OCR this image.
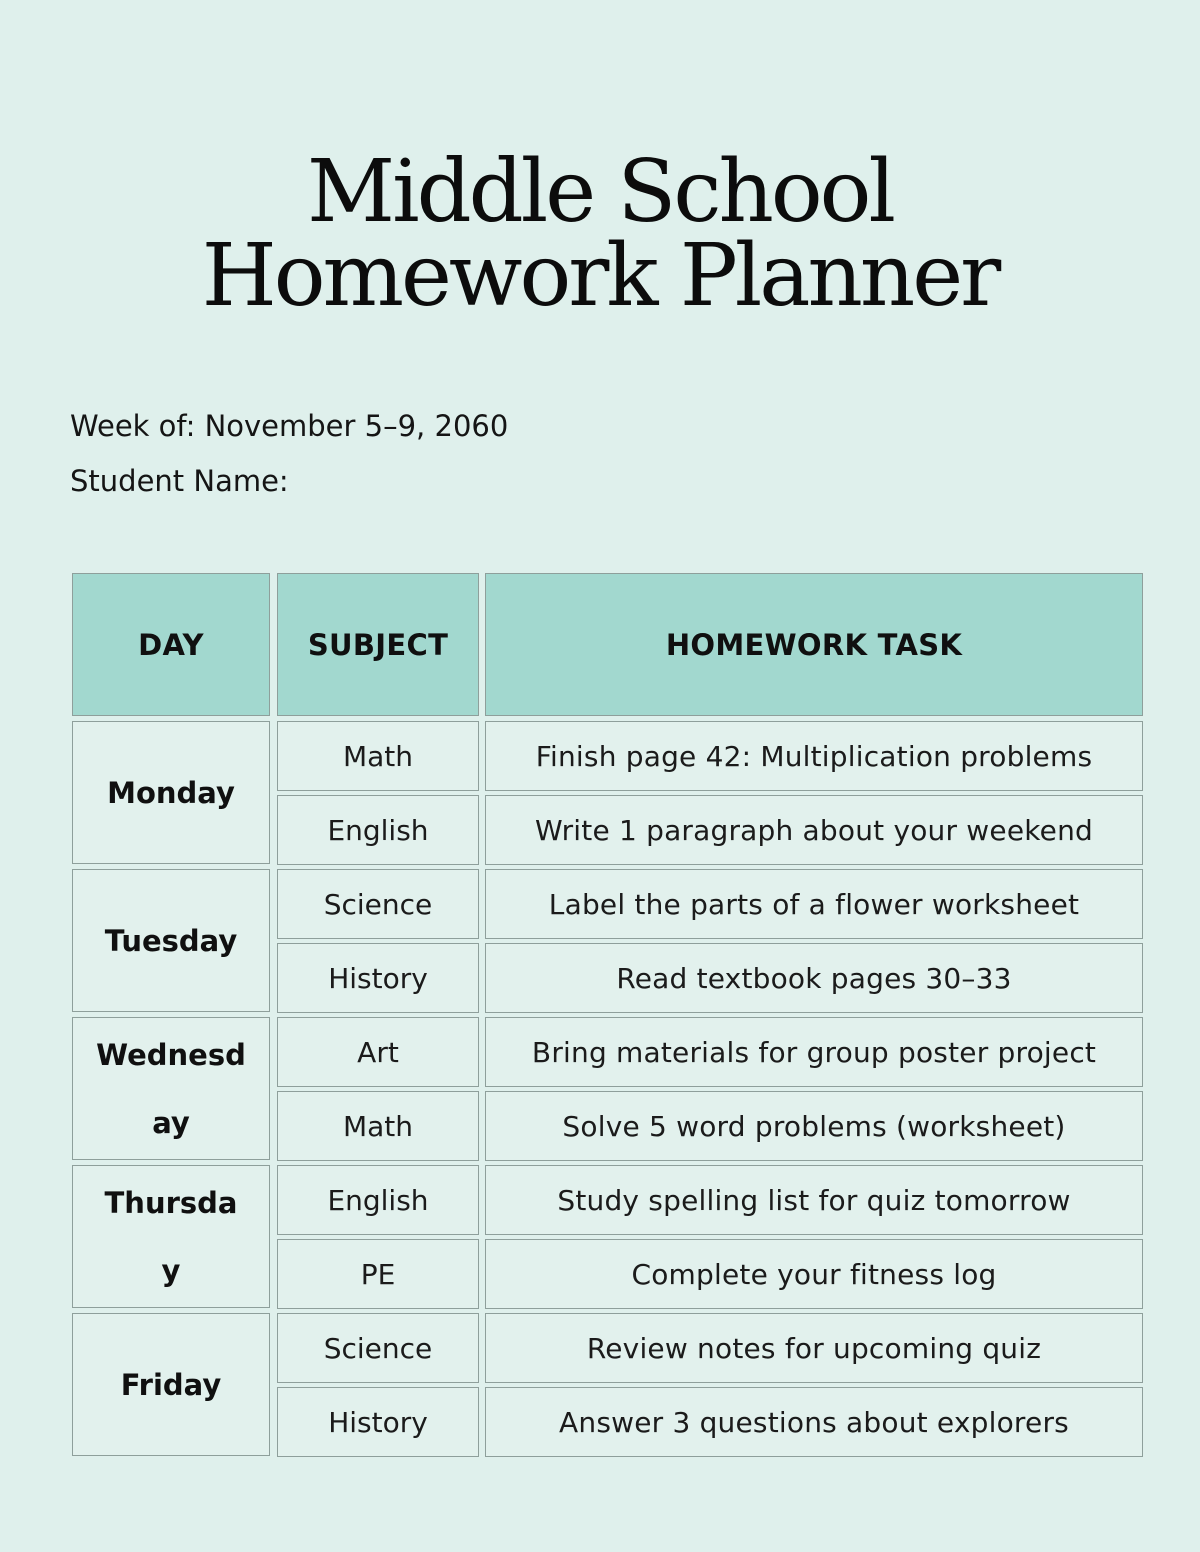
Middle School
Homework Planner
Week of: November 5–9, 2060
Student Name:
DAY	SUBJECT	HOMEWORK TASK
Monday
Math	Finish page 42: Multiplication problems
English	Write 1 paragraph about your weekend
Tuesday
Science	Label the parts of a flower worksheet
History	Read textbook pages 30–33
Wednesday
Art	Bring materials for group poster project
Math	Solve 5 word problems (worksheet)
Thursday
English	Study spelling list for quiz tomorrow
PE	Complete your fitness log
Friday
Science	Review notes for upcoming quiz
History	Answer 3 questions about explorers
